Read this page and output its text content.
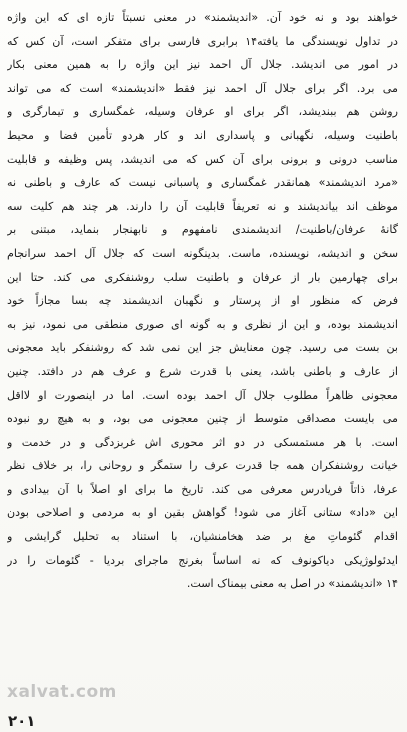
خواهند بود و نه خود آن. «اندیشمند» در معنی نسبتاً تازه ای که این واژه
در تداول نویسندگی ما یافته۱۴ برابری فارسی برای متفکر است، آن کس که
در امور می اندیشد. جلال آل احمد نیز این واژه را به همین معنی بکار
می برد. اگر برای جلال آل احمد نیز فقط «اندیشمند» است که می تواند
روشن هم ببندیشد، اگر برای او عرفان وسیله، غمگساری و تیمارگری و
باطنیت وسیله، نگهبانی و پاسداری اند و کار هردو تأمین فضا و محیط
مناسب درونی و برونی برای آن کس که می اندیشد، پس وظیفه و قابلیت
«مرد اندیشمند» همانقدر غمگساری و پاسبانی نیست که عارف و باطنی نه
موظف اند بیاندیشند و نه تعریفاً قابلیت آن را دارند. هر چند هم کلیت سه
گانهٔ عرفان/باطنیت/ اندیشمندی نامفهوم و نابهنجار بنماید، مبتنی بر
سخن و اندیشه، نویسنده، ماست. بدینگونه است که جلال آل احمد سرانجام
برای چهارمین بار از عرفان و باطنیت سلب روشنفکری می کند. حتا این
فرض که منظور او از پرستار و نگهبان اندیشمند چه بسا مجازاً خود
اندیشمند بوده، و این از نظری و به گونه ای صوری منطقی می نمود، نیز به
بن بست می رسید. چون معنایش جز این نمی شد که روشنفکر باید معجونی
از عارف و باطنی باشد، یعنی با قدرت شرع و عرف هم در دافتد. چنین
معجونی ظاهراً مطلوب جلال آل احمد بوده است. اما در اینصورت او لااقل
می بایست مصداقی متوسط از چنین معجونی می بود، و به هیچ رو نبوده
است. با هر مستمسکی در دو اثر محوری اش غربزدگی و در خدمت و
خیانت روشنفکران همه جا قدرت عرف را ستمگر و روحانی را، بر خلاف نظر
عرفا، ذاتاً فریادرس معرفی می کند. تاریخ ما برای او اصلاً با آن بیدادی و
این «داد» ستانی آغاز می شود! گواهش بقین او به مردمی و اصلاحی بودن
اقدام گئوماتِ مغ بر ضد هخامنشیان، با استناد به تحلیل گرایشی و
ایدئولوژیکی دیاکونوف که نه اساساً بغرنج ماجرای بردیا - گئومات را در
۱۴ «اندیشمند» در اصل به معنی بیمناک است.
xalvat.com
۲۰۱
